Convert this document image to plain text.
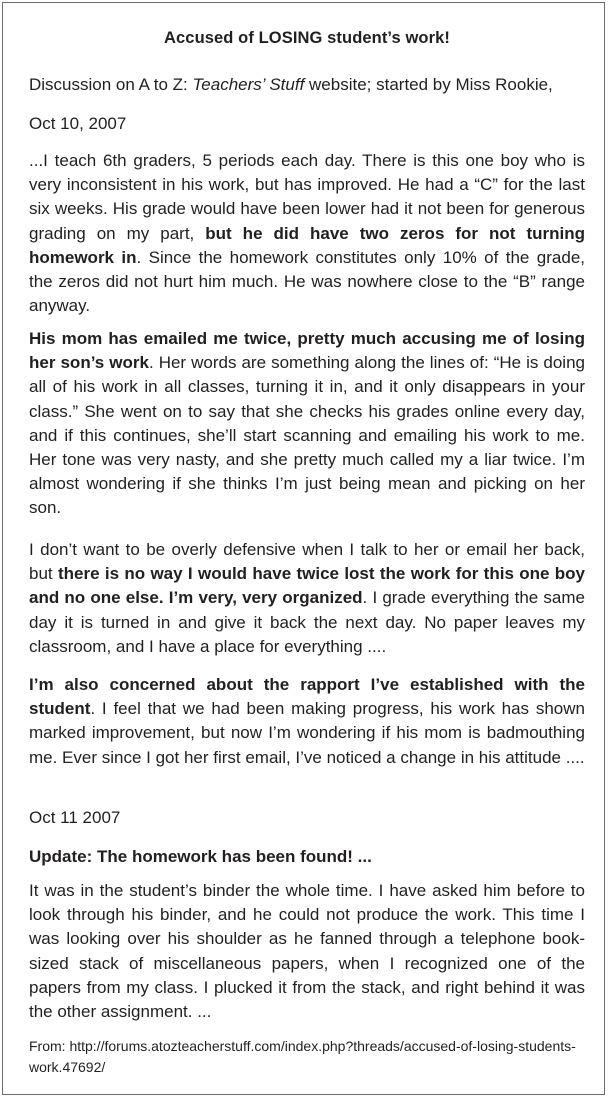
Accused of LOSING student’s work!
Discussion on A to Z: Teachers’ Stuff website; started by Miss Rookie,
Oct 10, 2007

...I teach 6th graders, 5 periods each day. There is this one boy who is very inconsistent in his work, but has improved. He had a “C” for the last six weeks. His grade would have been lower had it not been for generous grading on my part, but he did have two zeros for not turning homework in. Since the homework constitutes only 10% of the grade, the zeros did not hurt him much. He was nowhere close to the “B” range anyway.

His mom has emailed me twice, pretty much accusing me of losing her son’s work. Her words are something along the lines of: “He is doing all of his work in all classes, turning it in, and it only disappears in your class.” She went on to say that she checks his grades online every day, and if this continues, she’ll start scanning and emailing his work to me. Her tone was very nasty, and she pretty much called my a liar twice. I’m almost wondering if she thinks I’m just being mean and picking on her son.

I don’t want to be overly defensive when I talk to her or email her back, but there is no way I would have twice lost the work for this one boy and no one else. I’m very, very organized. I grade everything the same day it is turned in and give it back the next day. No paper leaves my classroom, and I have a place for everything ....

I’m also concerned about the rapport I’ve established with the student. I feel that we had been making progress, his work has shown marked improvement, but now I’m wondering if his mom is badmouthing me. Ever since I got her first email, I’ve noticed a change in his attitude ....

Oct 11 2007
Update: The homework has been found! ...

It was in the student’s binder the whole time. I have asked him before to look through his binder, and he could not produce the work. This time I was looking over his shoulder as he fanned through a telephone book-sized stack of miscellaneous papers, when I recognized one of the papers from my class. I plucked it from the stack, and right behind it was the other assignment. ...

From: http://forums.atozteacherstuff.com/index.php?threads/accused-of-losing-students-work.47692/
